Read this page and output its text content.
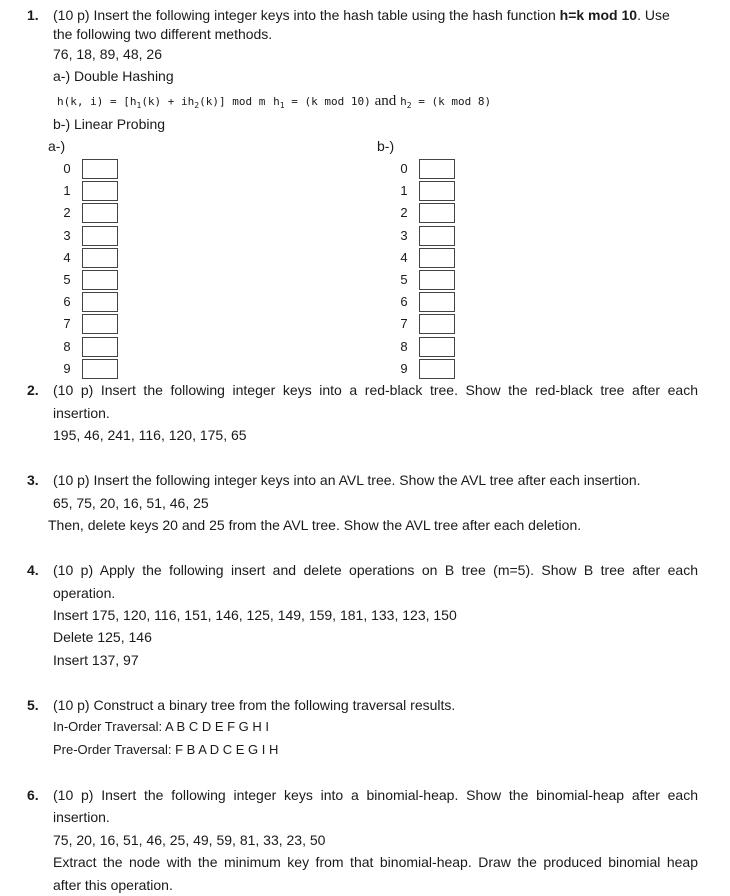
1. (10 p) Insert the following integer keys into the hash table using the hash function h=k mod 10. Use
the following two different methods.
76, 18, 89, 48, 26
a-) Double Hashing
h(k, $i) = [h_1(k) + ih_2(k)]$ mod m $h_1 = (k$ mod 10) and $h_2 = (k$ mod 8)
b-) Linear Probing
a-)
0
1
2
3
4
5
6
7
8
9
b-)
0
1
2
3
4
5
6
7
8
9
2. (10 p) Insert the following integer keys into a red-black tree. Show the red-black tree after each
insertion.
195, 46, 241, 116, 120, 175, 65
3. (10 p) Insert the following integer keys into an AVL tree. Show the AVL tree after each insertion.
65, 75, 20, 16, 51, 46, 25
Then, delete keys 20 and 25 from the AVL tree. Show the AVL tree after each deletion.
4. (10 p) Apply the following insert and delete operations on B tree (m=5). Show B tree after each
operation.
Insert 175, 120, 116, 151, 146, 125, 149, 159, 181, 133, 123, 150
Delete 125, 146
Insert 137, 97
5. (10 p) Construct a binary tree from the following traversal results.
In-Order Traversal: A B C D E F G H I
Pre-Order Traversal: F B A D C E G I H
6. (10 p) Insert the following integer keys into a binomial-heap. Show the binomial-heap after each
insertion.
75, 20, 16, 51, 46, 25, 49, 59, 81, 33, 23, 50
Extract the node with the minimum key from that binomial-heap. Draw the produced binomial heap
after this operation.
